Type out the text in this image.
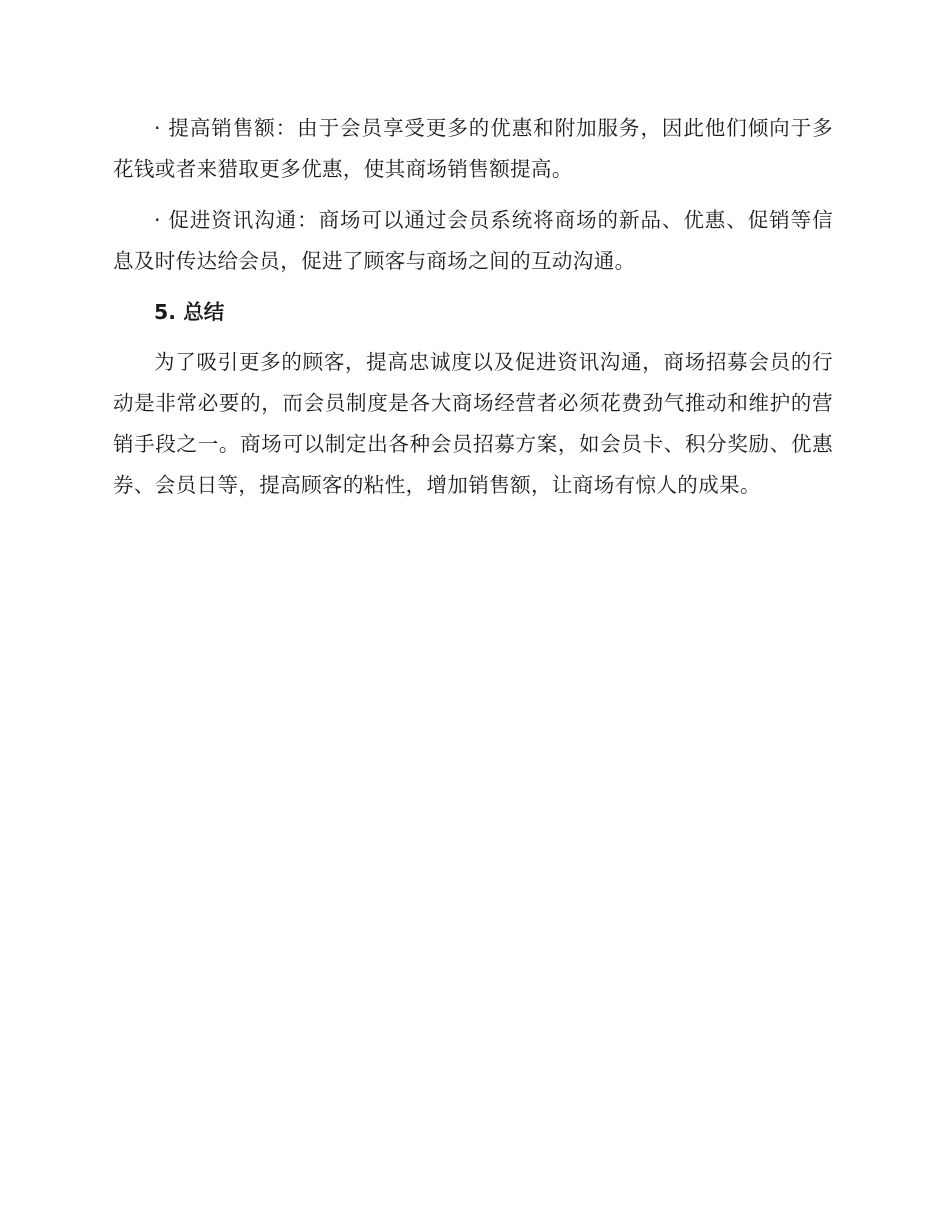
· 提高销售额：由于会员享受更多的优惠和附加服务，因此他们倾向于多花钱或者来猎取更多优惠，使其商场销售额提高。

· 促进资讯沟通：商场可以通过会员系统将商场的新品、优惠、促销等信息及时传达给会员，促进了顾客与商场之间的互动沟通。

5. 总结

为了吸引更多的顾客，提高忠诚度以及促进资讯沟通，商场招募会员的行动是非常必要的，而会员制度是各大商场经营者必须花费劲气推动和维护的营销手段之一。商场可以制定出各种会员招募方案，如会员卡、积分奖励、优惠券、会员日等，提高顾客的粘性，增加销售额，让商场有惊人的成果。
